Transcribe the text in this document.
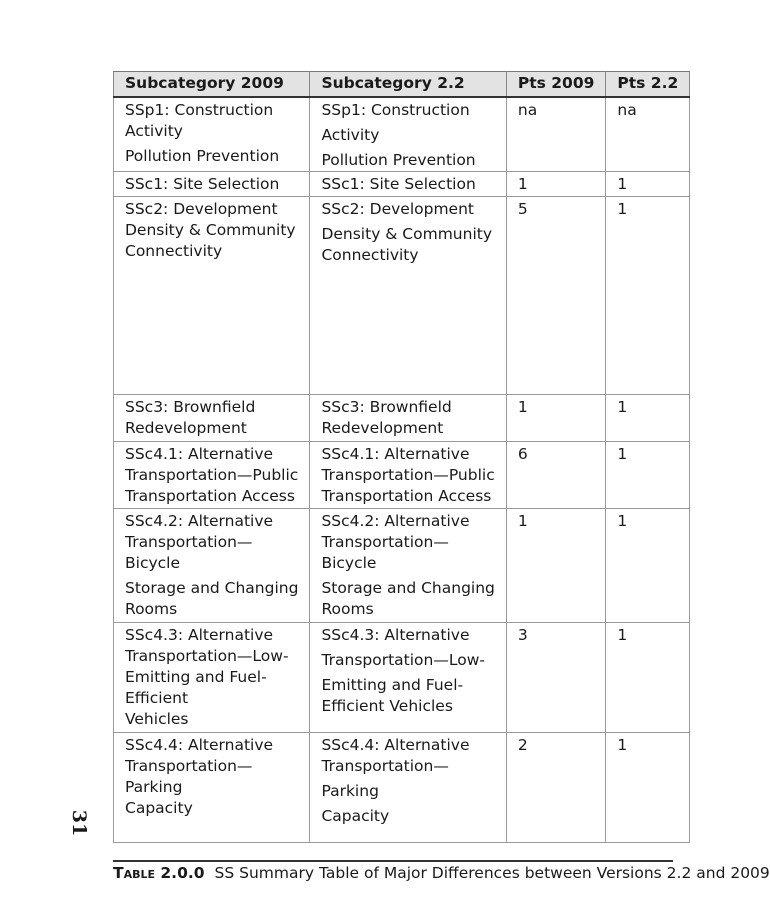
31
Subcategory 2009	Subcategory 2.2	Pts 2009	Pts 2.2

SSp1: Construction
Activity
Pollution Prevention	SSp1: Construction
Activity
Pollution Prevention	na	na

SSc1: Site Selection	SSc1: Site Selection	1	1

SSc2: Development
Density & Community
Connectivity	SSc2: Development
Density & Community
Connectivity	5	1

SSc3: Brownfield
Redevelopment	SSc3: Brownfield
Redevelopment	1	1

SSc4.1: Alternative
Transportation—Public
Transportation Access	SSc4.1: Alternative
Transportation—Public
Transportation Access	6	1

SSc4.2: Alternative
Transportation—
Bicycle
Storage and Changing
Rooms	SSc4.2: Alternative
Transportation—
Bicycle
Storage and Changing
Rooms	1	1

SSc4.3: Alternative
Transportation—Low-
Emitting and Fuel-
Efficient
Vehicles	SSc4.3: Alternative
Transportation—Low-
Emitting and Fuel-
Efficient Vehicles	3	1

SSc4.4: Alternative
Transportation—
Parking
Capacity	SSc4.4: Alternative
Transportation—
Parking
Capacity	2	1
Table 2.0.0 SS Summary Table of Major Differences between Versions 2.2 and 2009
